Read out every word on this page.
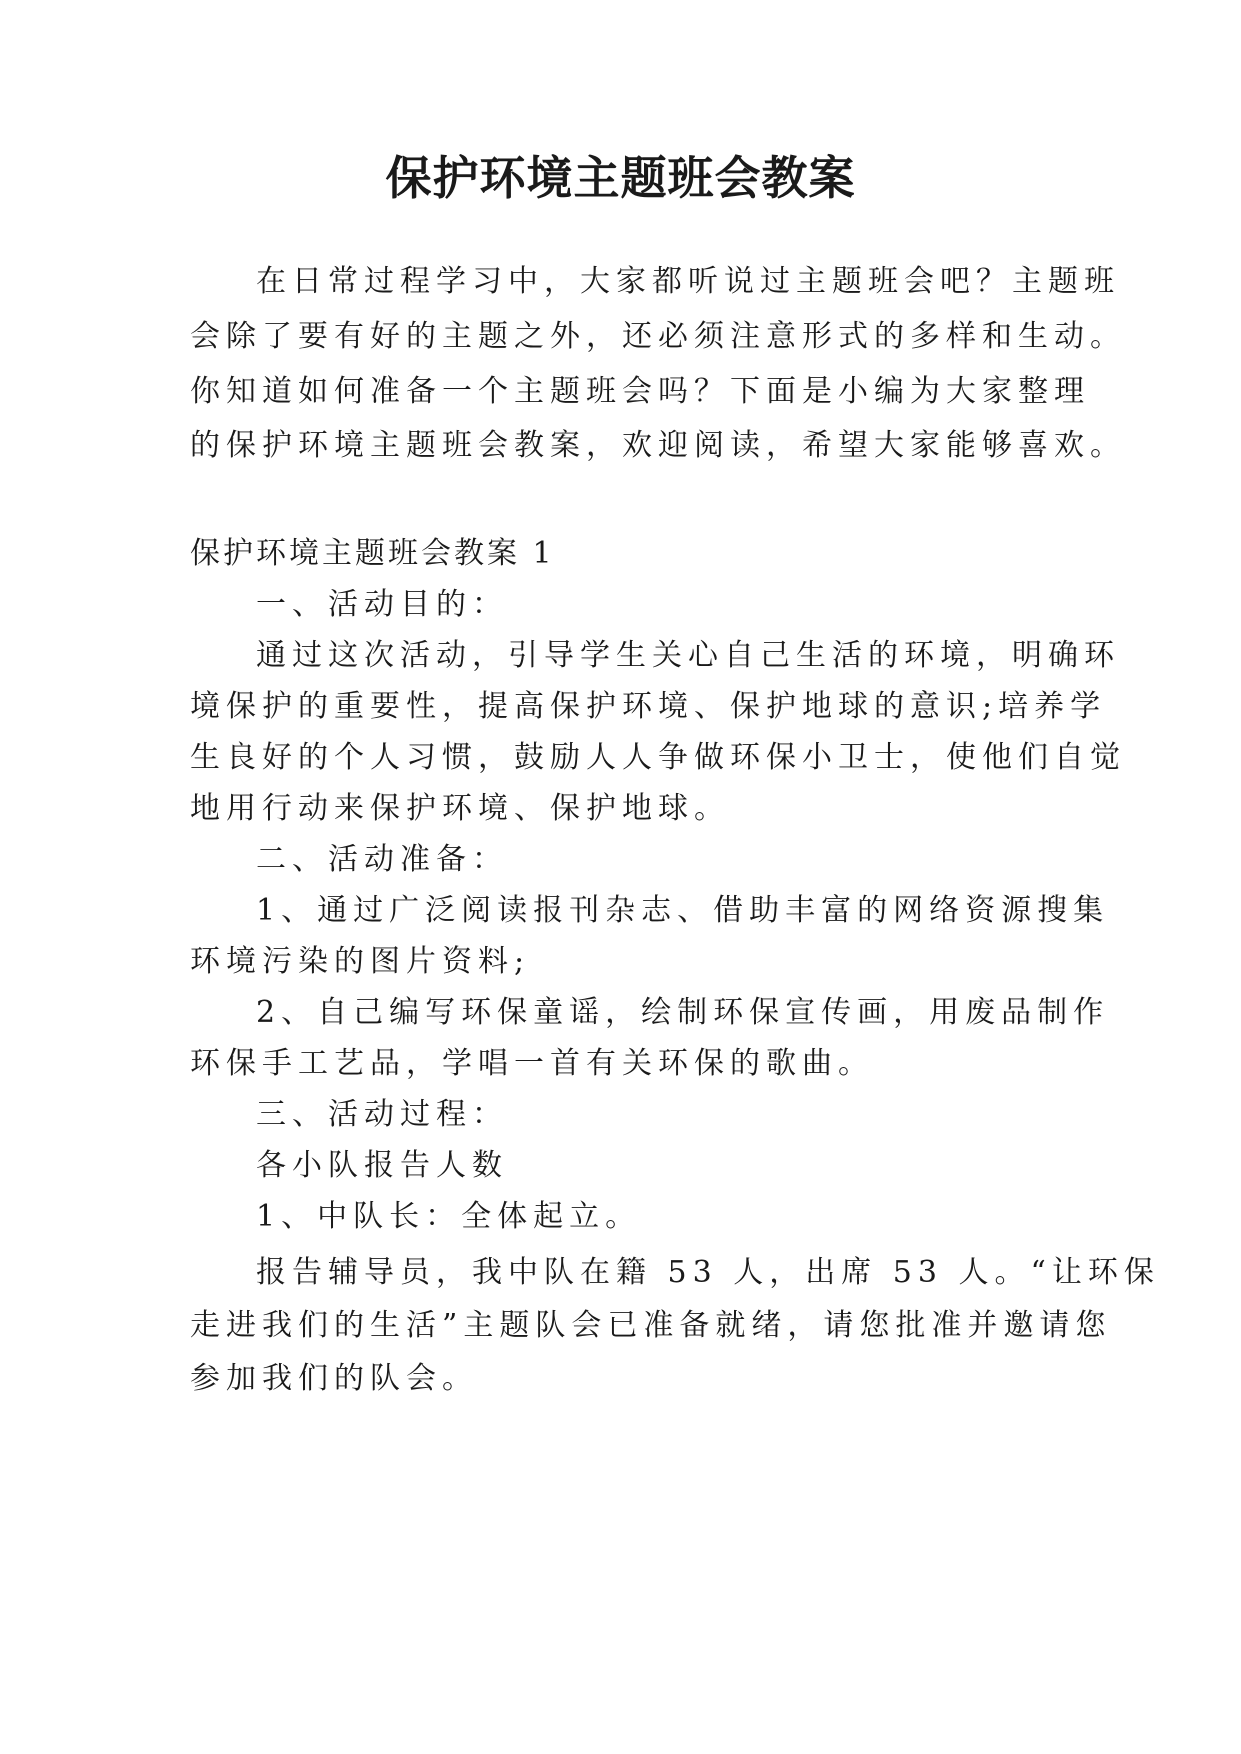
保护环境主题班会教案

在日常过程学习中，大家都听说过主题班会吧？主题班

会除了要有好的主题之外，还必须注意形式的多样和生动。

你知道如何准备一个主题班会吗？下面是小编为大家整理

的保护环境主题班会教案，欢迎阅读，希望大家能够喜欢。

保护环境主题班会教案 1

一、活动目的：

通过这次活动，引导学生关心自己生活的环境，明确环

境保护的重要性，提高保护环境、保护地球的意识;培养学

生良好的个人习惯，鼓励人人争做环保小卫士，使他们自觉

地用行动来保护环境、保护地球。

二、活动准备：

1、通过广泛阅读报刊杂志、借助丰富的网络资源搜集

环境污染的图片资料;

2、自己编写环保童谣，绘制环保宣传画，用废品制作

环保手工艺品，学唱一首有关环保的歌曲。

三、活动过程：

各小队报告人数

1、中队长：全体起立。

报告辅导员，我中队在籍 53 人，出席 53 人。“让环保

走进我们的生活”主题队会已准备就绪，请您批准并邀请您

参加我们的队会。
